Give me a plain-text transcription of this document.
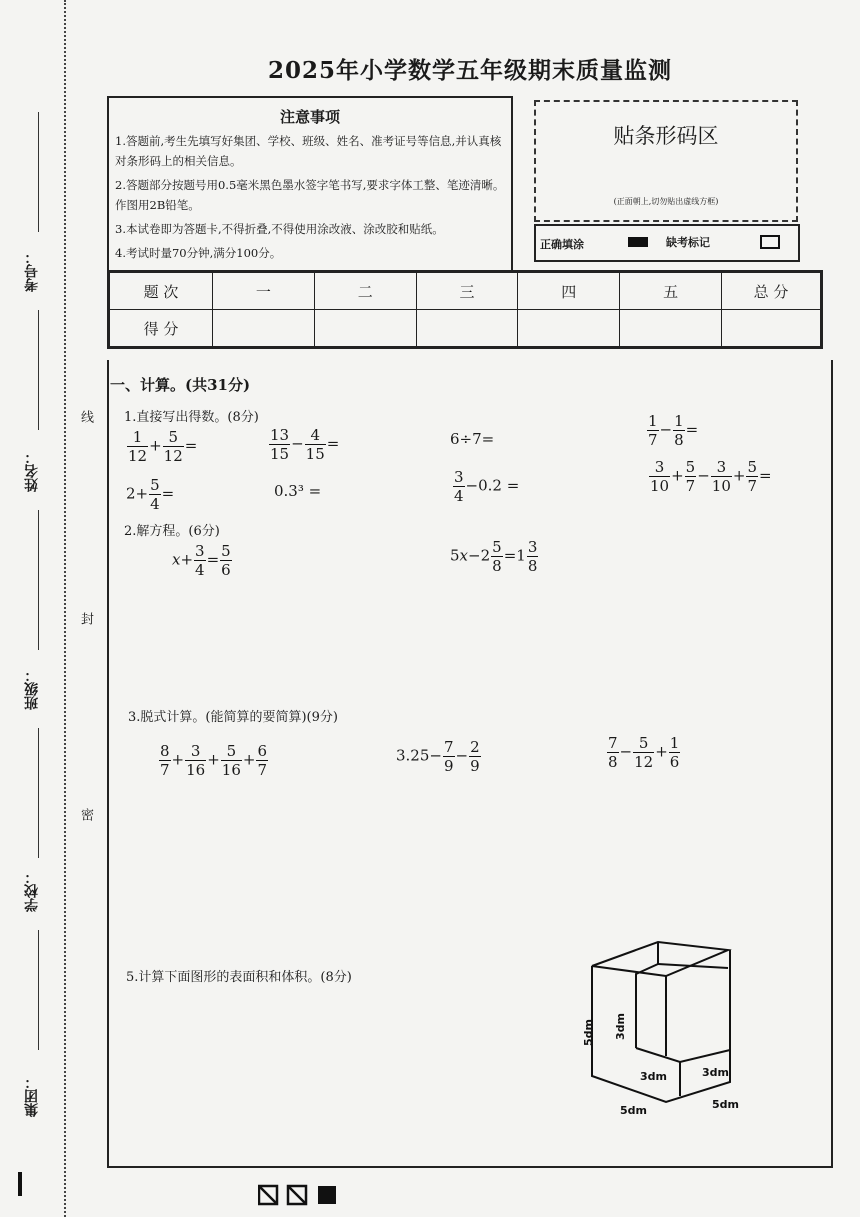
考号：
姓名：
班级：
学校：
集团：
线
封
密
2025年小学数学五年级期末质量监测
注意事项

1.答题前,考生先填写好集团、学校、班级、姓名、准考证号等信息,并认真核对条形码上的相关信息。

2.答题部分按题号用0.5毫米黑色墨水签字笔书写,要求字体工整、笔迹清晰。作图用2B铅笔。

3.本试卷即为答题卡,不得折叠,不得使用涂改液、涂改胶和贴纸。

4.考试时量70分钟,满分100分。

贴条形码区
(正面朝上,切勿贴出虚线方框)
正确填涂	缺考标记
题 次	一	二	三	四	五	总 分
得 分						
一、计算。(共31分)
1.直接写出得数。(8分)
$\frac{1}{12} + \frac{5}{12}$ =	$\frac{13}{15} - \frac{4}{15}$ =	6÷7=	$\frac{1}{7} - \frac{1}{8}$ =
$2+ \frac{5}{4}$ =	0.3³ =	$\frac{3}{4} -0.2$ =	$\frac{3}{10} + \frac{5}{7} - \frac{3}{10} + \frac{5}{7}$ =
2.解方程。(6分)
$x+ \frac{3}{4} = \frac{5}{6}$	$5x-2 \frac{5}{8} =1 \frac{3}{8}$
3.脱式计算。(能简算的要简算)(9分)
$\frac{8}{7} + \frac{3}{16} + \frac{5}{16} + \frac{6}{7}$	$3.25- \frac{7}{9} - \frac{2}{9}$	$\frac{7}{8} - \frac{5}{12} + \frac{1}{6}$
5.计算下面图形的表面积和体积。(8分)
5dm 3dm
3dm	3dm
5dm	5dm
